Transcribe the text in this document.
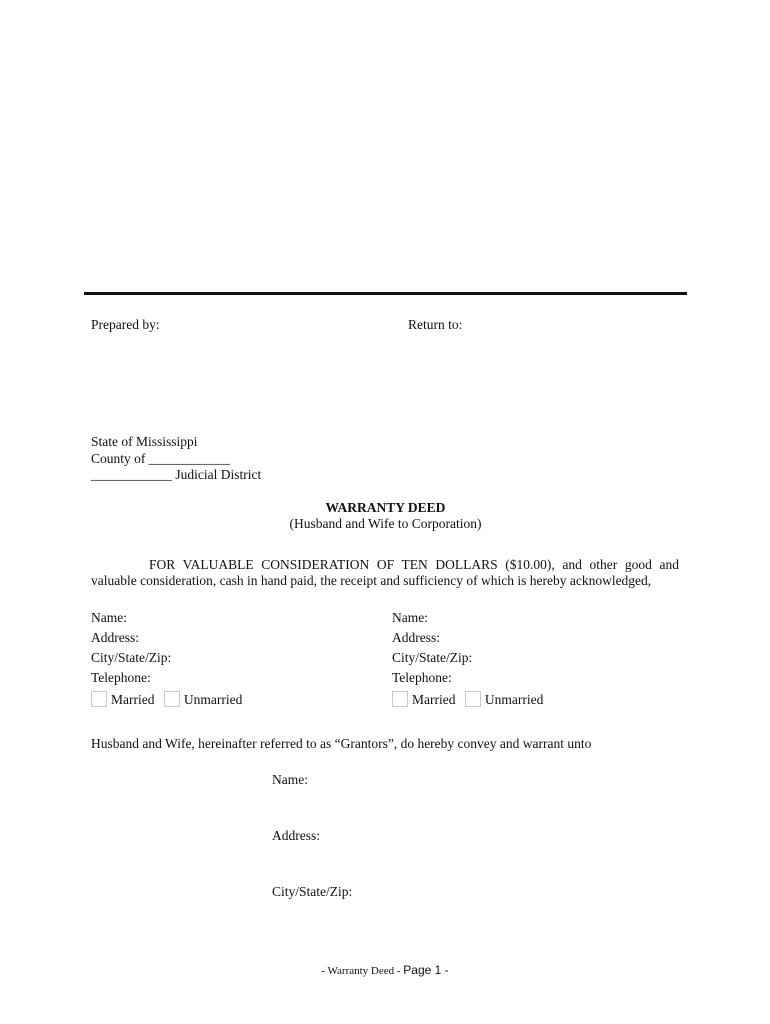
Prepared by:	Return to:
State of Mississippi
County of ____________
____________ Judicial District
WARRANTY DEED
(Husband and Wife to Corporation)
FOR VALUABLE CONSIDERATION OF TEN DOLLARS ($10.00), and other good and valuable consideration, cash in hand paid, the receipt and sufficiency of which is hereby acknowledged,
Name:
Address:
City/State/Zip:
Telephone:
Married Unmarried
Name:
Address:
City/State/Zip:
Telephone:
Married Unmarried
Husband and Wife, hereinafter referred to as “Grantors”, do hereby convey and warrant unto
Name:
Address:
City/State/Zip:
- Warranty Deed - Page 1 -
